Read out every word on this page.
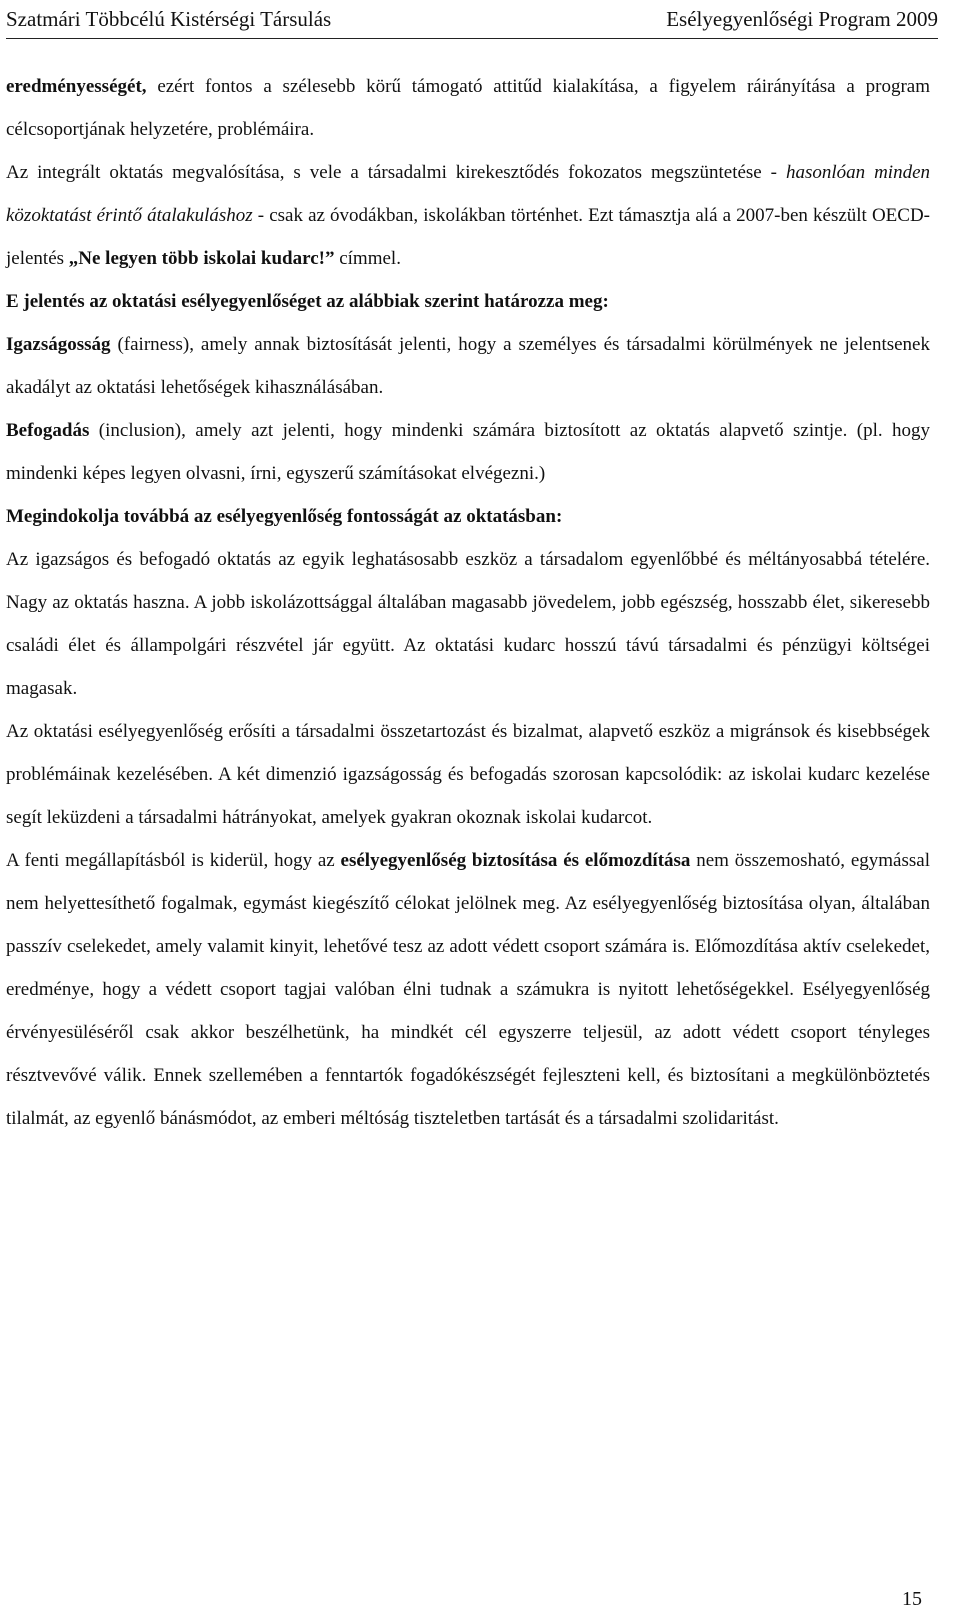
Szatmári Többcélú Kistérségi Társulás	Esélyegyenlőségi Program 2009

eredményességét, ezért fontos a szélesebb körű támogató attitűd kialakítása, a figyelem ráirányítása a program célcsoportjának helyzetére, problémáira.

Az integrált oktatás megvalósítása, s vele a társadalmi kirekesztődés fokozatos megszüntetése - hasonlóan minden közoktatást érintő átalakuláshoz - csak az óvodákban, iskolákban történhet. Ezt támasztja alá a 2007-ben készült OECD-jelentés „Ne legyen több iskolai kudarc!” címmel.

E jelentés az oktatási esélyegyenlőséget az alábbiak szerint határozza meg:

Igazságosság (fairness), amely annak biztosítását jelenti, hogy a személyes és társadalmi körülmények ne jelentsenek akadályt az oktatási lehetőségek kihasználásában.

Befogadás (inclusion), amely azt jelenti, hogy mindenki számára biztosított az oktatás alapvető szintje. (pl. hogy mindenki képes legyen olvasni, írni, egyszerű számításokat elvégezni.)

Megindokolja továbbá az esélyegyenlőség fontosságát az oktatásban:

Az igazságos és befogadó oktatás az egyik leghatásosabb eszköz a társadalom egyenlőbbé és méltányosabbá tételére. Nagy az oktatás haszna. A jobb iskolázottsággal általában magasabb jövedelem, jobb egészség, hosszabb élet, sikeresebb családi élet és állampolgári részvétel jár együtt. Az oktatási kudarc hosszú távú társadalmi és pénzügyi költségei magasak.

Az oktatási esélyegyenlőség erősíti a társadalmi összetartozást és bizalmat, alapvető eszköz a migránsok és kisebbségek problémáinak kezelésében. A két dimenzió igazságosság és befogadás szorosan kapcsolódik: az iskolai kudarc kezelése segít leküzdeni a társadalmi hátrányokat, amelyek gyakran okoznak iskolai kudarcot.

A fenti megállapításból is kiderül, hogy az esélyegyenlőség biztosítása és előmozdítása nem összemosható, egymással nem helyettesíthető fogalmak, egymást kiegészítő célokat jelölnek meg. Az esélyegyenlőség biztosítása olyan, általában passzív cselekedet, amely valamit kinyit, lehetővé tesz az adott védett csoport számára is. Előmozdítása aktív cselekedet, eredménye, hogy a védett csoport tagjai valóban élni tudnak a számukra is nyitott lehetőségekkel. Esélyegyenlőség érvényesüléséről csak akkor beszélhetünk, ha mindkét cél egyszerre teljesül, az adott védett csoport tényleges résztvevővé válik. Ennek szellemében a fenntartók fogadókészségét fejleszteni kell, és biztosítani a megkülönböztetés tilalmát, az egyenlő bánásmódot, az emberi méltóság tiszteletben tartását és a társadalmi szolidaritást.

15
